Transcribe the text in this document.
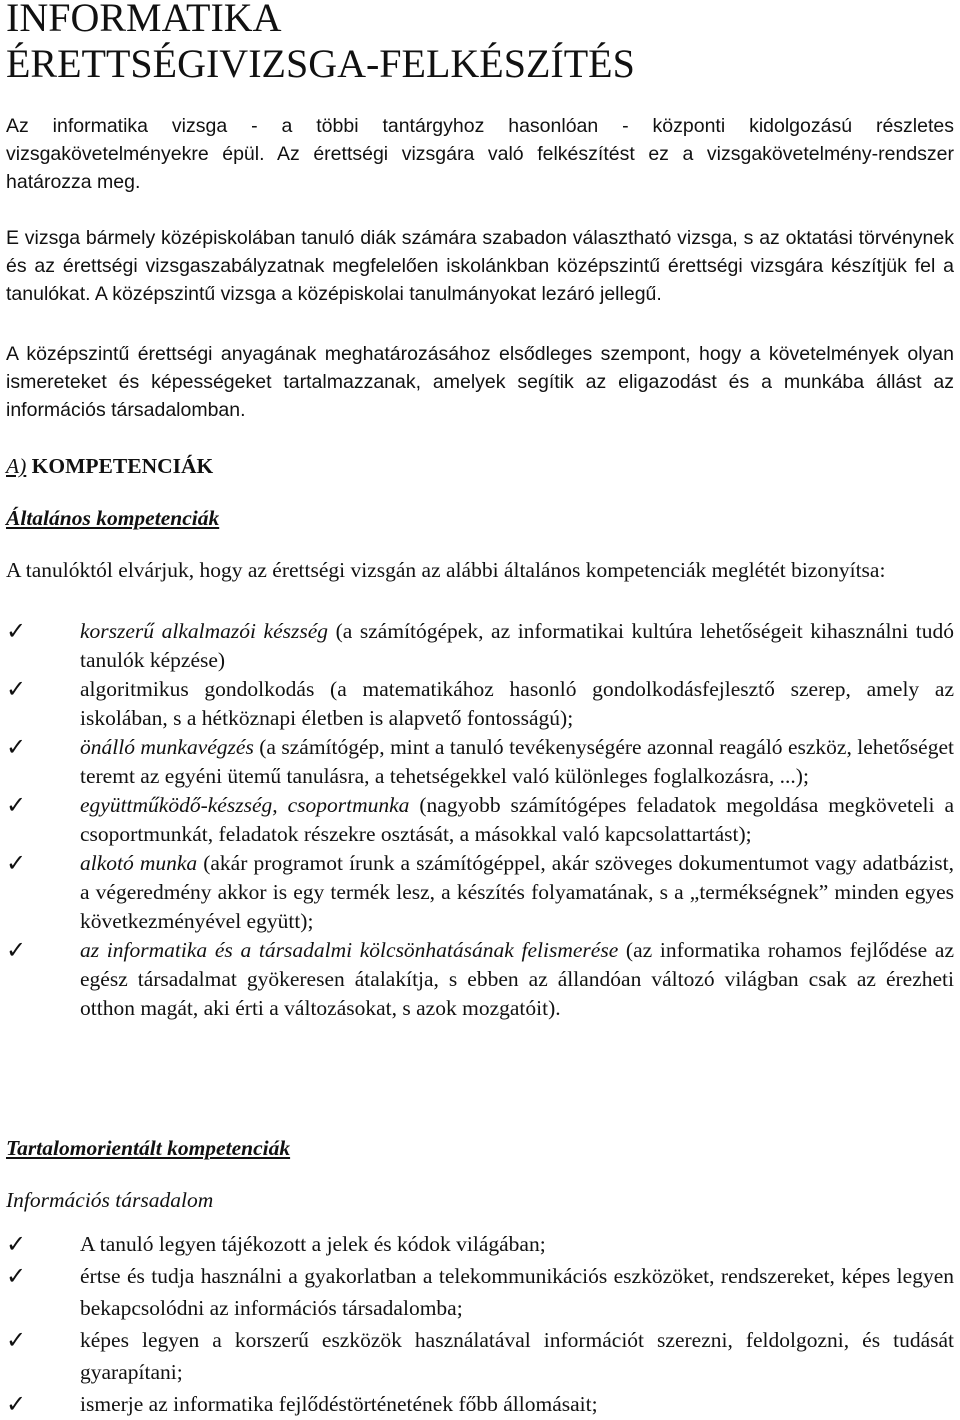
INFORMATIKA
ÉRETTSÉGIVIZSGA-FELKÉSZÍTÉS

Az informatika vizsga - a többi tantárgyhoz hasonlóan - központi kidolgozású részletes vizsgakövetelményekre épül. Az érettségi vizsgára való felkészítést ez a vizsgakövetelmény-rendszer határozza meg.

E vizsga bármely középiskolában tanuló diák számára szabadon választható vizsga, s az oktatási törvénynek és az érettségi vizsgaszabályzatnak megfelelően iskolánkban középszintű érettségi vizsgára készítjük fel a tanulókat. A középszintű vizsga a középiskolai tanulmányokat lezáró jellegű.

A középszintű érettségi anyagának meghatározásához elsődleges szempont, hogy a követelmények olyan ismereteket és képességeket tartalmazzanak, amelyek segítik az eligazodást és a munkába állást az információs társadalomban.

A) KOMPETENCIÁK
Általános kompetenciák

A tanulóktól elvárjuk, hogy az érettségi vizsgán az alábbi általános kompetenciák meglétét bizonyítsa:

✓	korszerű alkalmazói készség (a számítógépek, az informatikai kultúra lehetőségeit kihasználni tudó tanulók képzése)
✓	algoritmikus gondolkodás (a matematikához hasonló gondolkodásfejlesztő szerep, amely az iskolában, s a hétköznapi életben is alapvető fontosságú);
✓	önálló munkavégzés (a számítógép, mint a tanuló tevékenységére azonnal reagáló eszköz, lehetőséget teremt az egyéni ütemű tanulásra, a tehetségekkel való különleges foglalkozásra, ...);
✓	együttműködő-készség, csoportmunka (nagyobb számítógépes feladatok megoldása megköveteli a csoportmunkát, feladatok részekre osztását, a másokkal való kapcsolattartást);
✓	alkotó munka (akár programot írunk a számítógéppel, akár szöveges dokumentumot vagy adatbázist, a végeredmény akkor is egy termék lesz, a készítés folyamatának, s a „termékségnek” minden egyes következményével együtt);
✓	az informatika és a társadalmi kölcsönhatásának felismerése (az informatika rohamos fejlődése az egész társadalmat gyökeresen átalakítja, s ebben az állandóan változó világban csak az érezheti otthon magát, aki érti a változásokat, s azok mozgatóit).
Tartalomorientált kompetenciák
Információs társadalom
✓	A tanuló legyen tájékozott a jelek és kódok világában;
✓	értse és tudja használni a gyakorlatban a telekommunikációs eszközöket, rendszereket, képes legyen bekapcsolódni az információs társadalomba;
✓	képes legyen a korszerű eszközök használatával információt szerezni, feldolgozni, és tudását gyarapítani;
✓	ismerje az informatika fejlődéstörténetének főbb állomásait;
